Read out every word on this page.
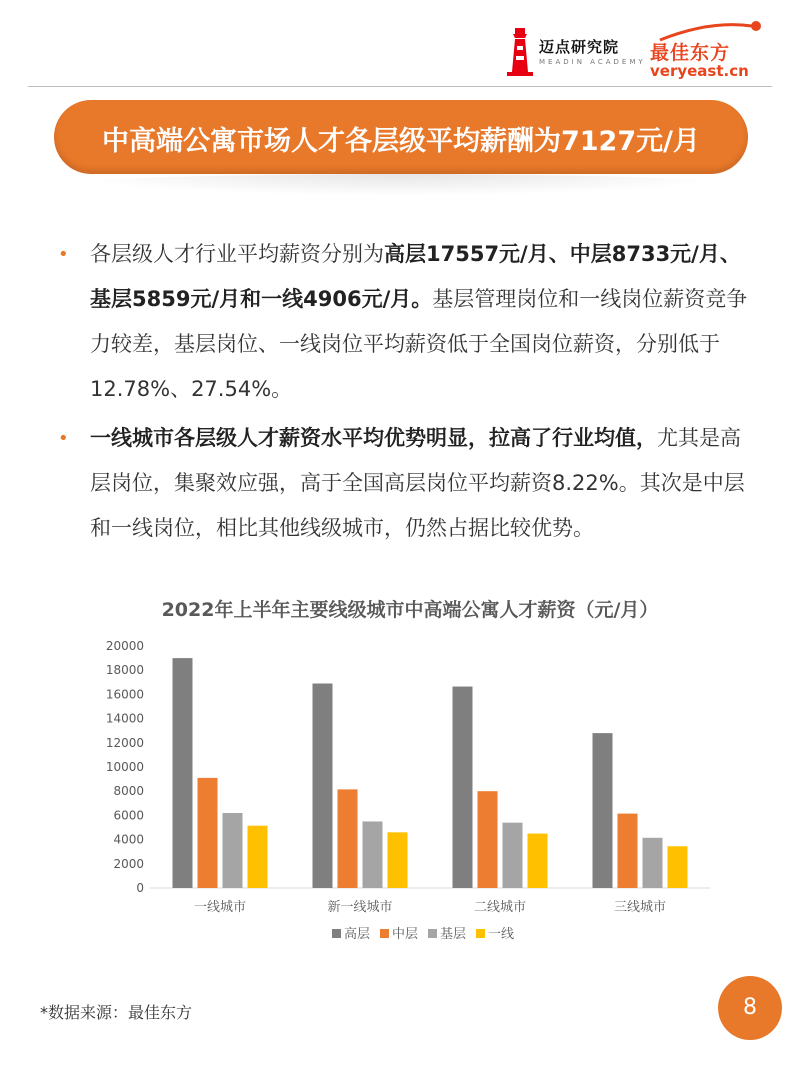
迈点研究院
MEADIN ACADEMY 最佳东方
veryeast.cn
中高端公寓市场人才各层级平均薪酬为7127元/月
• 各层级人才行业平均薪资分别为高层17557元/月、中层8733元/月、基层5859元/月和一线4906元/月。基层管理岗位和一线岗位薪资竞争力较差，基层岗位、一线岗位平均薪资低于全国岗位薪资，分别低于12.78%、27.54%。
• 一线城市各层级人才薪资水平均优势明显，拉高了行业均值，尤其是高层岗位，集聚效应强，高于全国高层岗位平均薪资8.22%。其次是中层和一线岗位，相比其他线级城市，仍然占据比较优势。
2022年上半年主要线级城市中高端公寓人才薪资（元/月）
0
2000
4000
6000
8000
10000
12000
14000
16000
18000
20000
一线城市	新一线城市	二线城市	三线城市
高层 中层 基层 一线
*数据来源：最佳东方	8
